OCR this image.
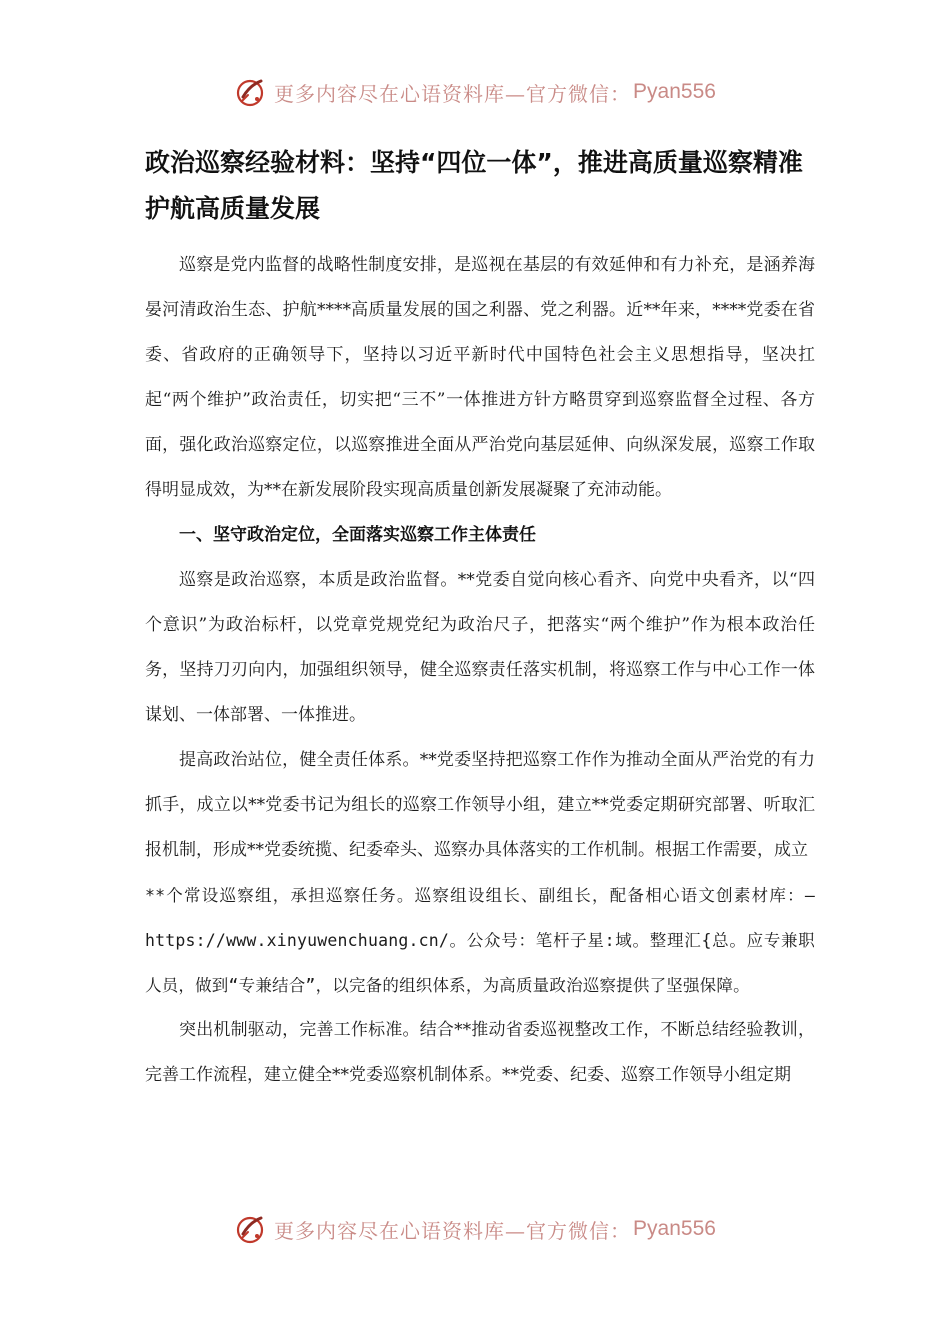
更多内容尽在心语资料库—官方微信： Pyan556
政治巡察经验材料：坚持“四位一体”，推进高质量巡察精准护航高质量发展

巡察是党内监督的战略性制度安排，是巡视在基层的有效延伸和有力补充，是涵养海晏河清政治生态、护航****高质量发展的国之利器、党之利器。近**年来，****党委在省委、省政府的正确领导下，坚持以习近平新时代中国特色社会主义思想指导，坚决扛起“两个维护”政治责任，切实把“三不”一体推进方针方略贯穿到巡察监督全过程、各方面，强化政治巡察定位，以巡察推进全面从严治党向基层延伸、向纵深发展，巡察工作取得明显成效，为**在新发展阶段实现高质量创新发展凝聚了充沛动能。

一、坚守政治定位，全面落实巡察工作主体责任

巡察是政治巡察，本质是政治监督。**党委自觉向核心看齐、向党中央看齐，以“四个意识”为政治标杆，以党章党规党纪为政治尺子，把落实“两个维护”作为根本政治任务，坚持刀刃向内，加强组织领导，健全巡察责任落实机制，将巡察工作与中心工作一体谋划、一体部署、一体推进。

提高政治站位，健全责任体系。**党委坚持把巡察工作作为推动全面从严治党的有力抓手，成立以**党委书记为组长的巡察工作领导小组，建立**党委定期研究部署、听取汇报机制，形成**党委统揽、纪委牵头、巡察办具体落实的工作机制。根据工作需要，成立

**个常设巡察组，承担巡察任务。巡察组设组长、副组长，配备相心语文创素材库：—https://www.xinyuwenchuang.cn/。公众号：笔杆子星:域。整理汇{总。应专兼职人员，做到“专兼结合”，以完备的组织体系，为高质量政治巡察提供了坚强保障。

突出机制驱动，完善工作标准。结合**推动省委巡视整改工作，不断总结经验教训，完善工作流程，建立健全**党委巡察机制体系。**党委、纪委、巡察工作领导小组定期

更多内容尽在心语资料库—官方微信： Pyan556
